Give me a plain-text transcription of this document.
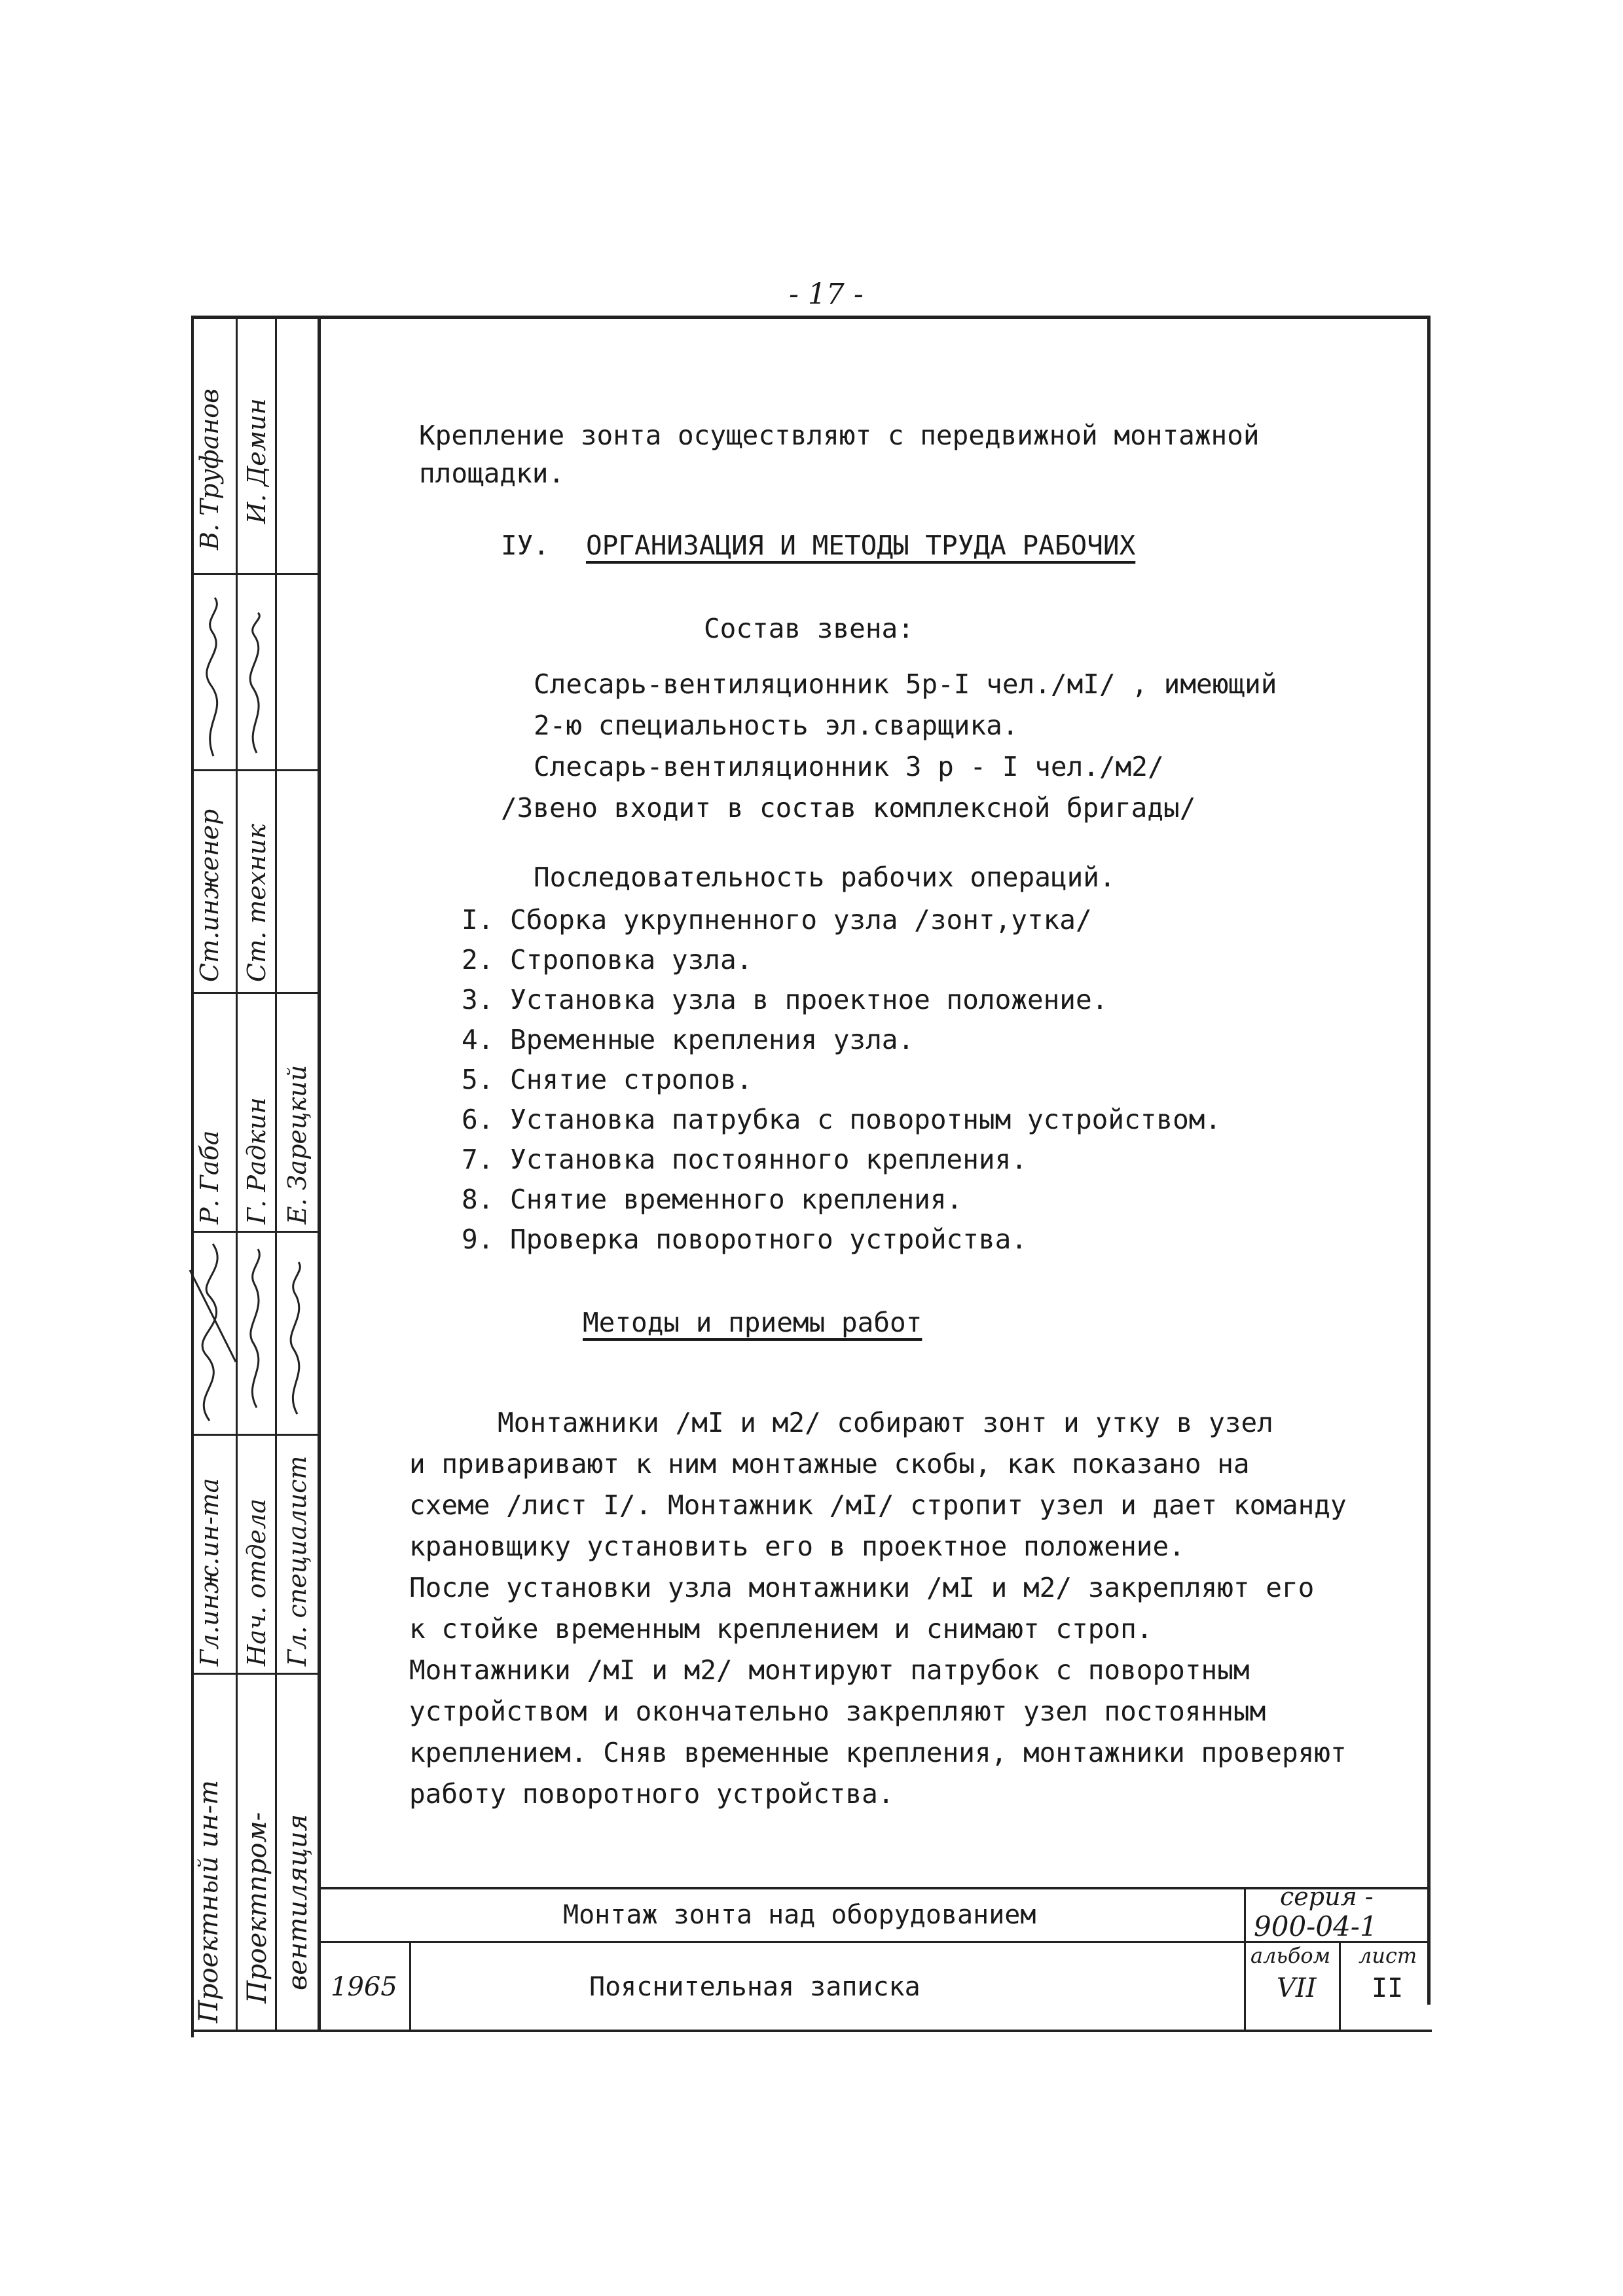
- 17 -
В. Труфанов И. Демин
Ст.инженер Ст. техник
Р. Габа Г. Радкин Е. Зарецкий
Гл.инж.ин-та Нач. отдела Гл. специалист
Проектный ин-т Проектпром- вентиляция
Крепление зонта осуществляют с передвижной монтажной
площадки.
IУ. ОРГАНИЗАЦИЯ И МЕТОДЫ ТРУДА РАБОЧИХ
Состав звена:
Слесарь-вентиляционник 5р-I чел./мI/ , имеющий
2-ю специальность эл.сварщика.
Слесарь-вентиляционник 3 р - I чел./м2/
/Звено входит в состав комплексной бригады/
Последовательность рабочих операций.
I. Сборка укрупненного узла /зонт,утка/
2. Строповка узла.
3. Установка узла в проектное положение.
4. Временные крепления узла.
5. Снятие стропов.
6. Установка патрубка с поворотным устройством.
7. Установка постоянного крепления.
8. Снятие временного крепления.
9. Проверка поворотного устройства.
Методы и приемы работ
Монтажники /мI и м2/ собирают зонт и утку в узел
и приваривают к ним монтажные скобы, как показано на
схеме /лист I/. Монтажник /мI/ стропит узел и дает команду
крановщику установить его в проектное положение.
После установки узла монтажники /мI и м2/ закрепляют его
к стойке временным креплением и снимают строп.
Монтажники /мI и м2/ монтируют патрубок с поворотным
устройством и окончательно закрепляют узел постоянным
креплением. Сняв временные крепления, монтажники проверяют
работу поворотного устройства.
Монтаж зонта над оборудованием
Пояснительная записка
1965
серия -
900-04-1
альбом
VII
лист
II
